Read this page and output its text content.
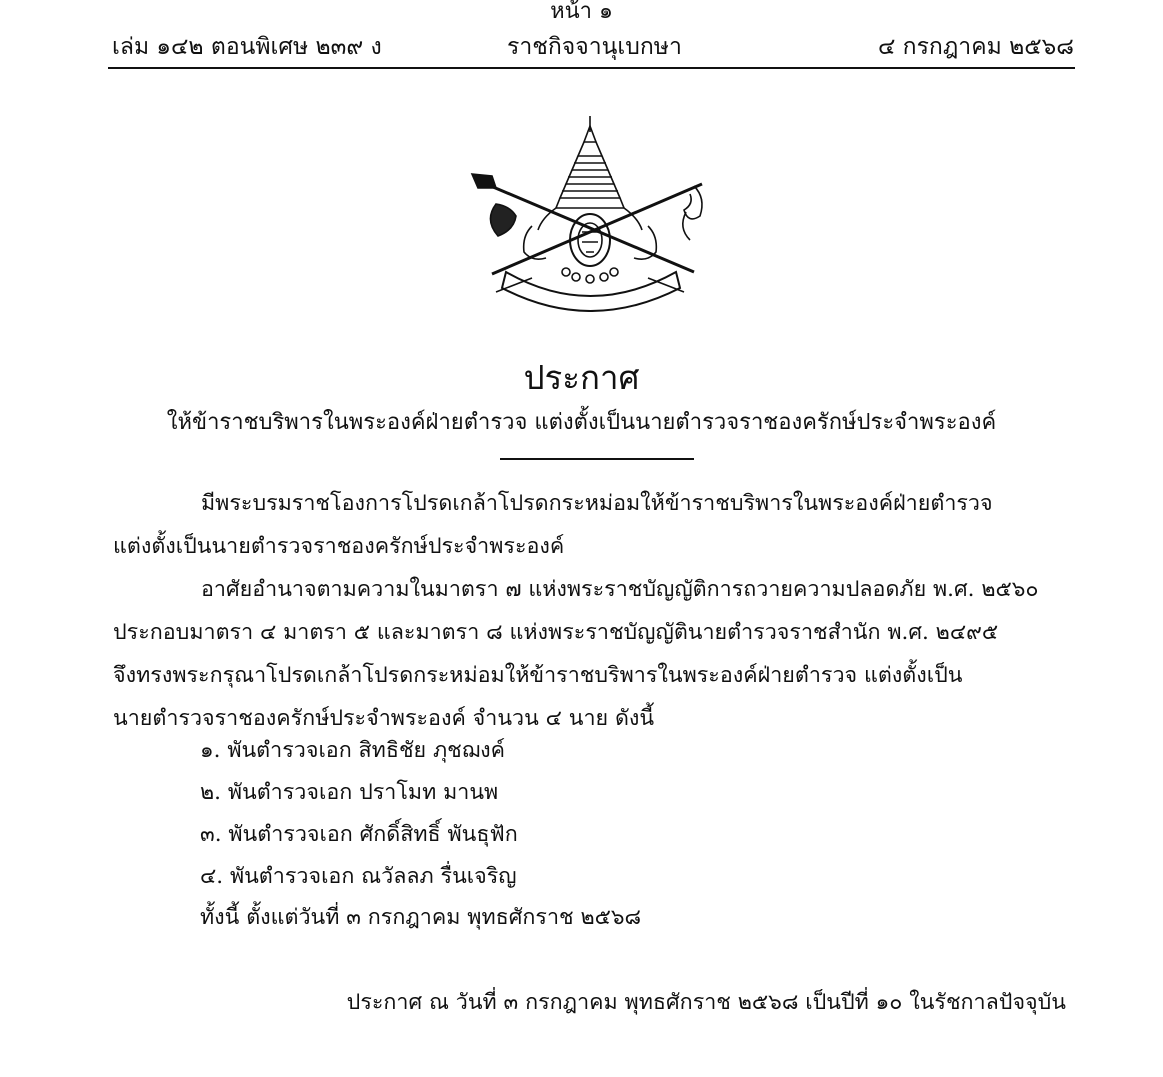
หน้า ๑
เล่ม ๑๔๒ ตอนพิเศษ ๒๓๙ ง	ราชกิจจานุเบกษา	๔ กรกฎาคม ๒๕๖๘
ประกาศ
ให้ข้าราชบริพารในพระองค์ฝ่ายตำรวจ แต่งตั้งเป็นนายตำรวจราชองครักษ์ประจำพระองค์
มีพระบรมราชโองการโปรดเกล้าโปรดกระหม่อมให้ข้าราชบริพารในพระองค์ฝ่ายตำรวจ
แต่งตั้งเป็นนายตำรวจราชองครักษ์ประจำพระองค์
อาศัยอำนาจตามความในมาตรา ๗ แห่งพระราชบัญญัติการถวายความปลอดภัย พ.ศ. ๒๕๖๐
ประกอบมาตรา ๔ มาตรา ๕ และมาตรา ๘ แห่งพระราชบัญญัตินายตำรวจราชสำนัก พ.ศ. ๒๔๙๕
จึงทรงพระกรุณาโปรดเกล้าโปรดกระหม่อมให้ข้าราชบริพารในพระองค์ฝ่ายตำรวจ แต่งตั้งเป็น
นายตำรวจราชองครักษ์ประจำพระองค์ จำนวน ๔ นาย ดังนี้
๑. พันตำรวจเอก สิทธิชัย ภุชฌงค์
๒. พันตำรวจเอก ปราโมท มานพ
๓. พันตำรวจเอก ศักดิ์สิทธิ์ พันธุฟัก
๔. พันตำรวจเอก ณวัลลภ รื่นเจริญ
ทั้งนี้ ตั้งแต่วันที่ ๓ กรกฎาคม พุทธศักราช ๒๕๖๘
ประกาศ ณ วันที่ ๓ กรกฎาคม พุทธศักราช ๒๕๖๘ เป็นปีที่ ๑๐ ในรัชกาลปัจจุบัน
